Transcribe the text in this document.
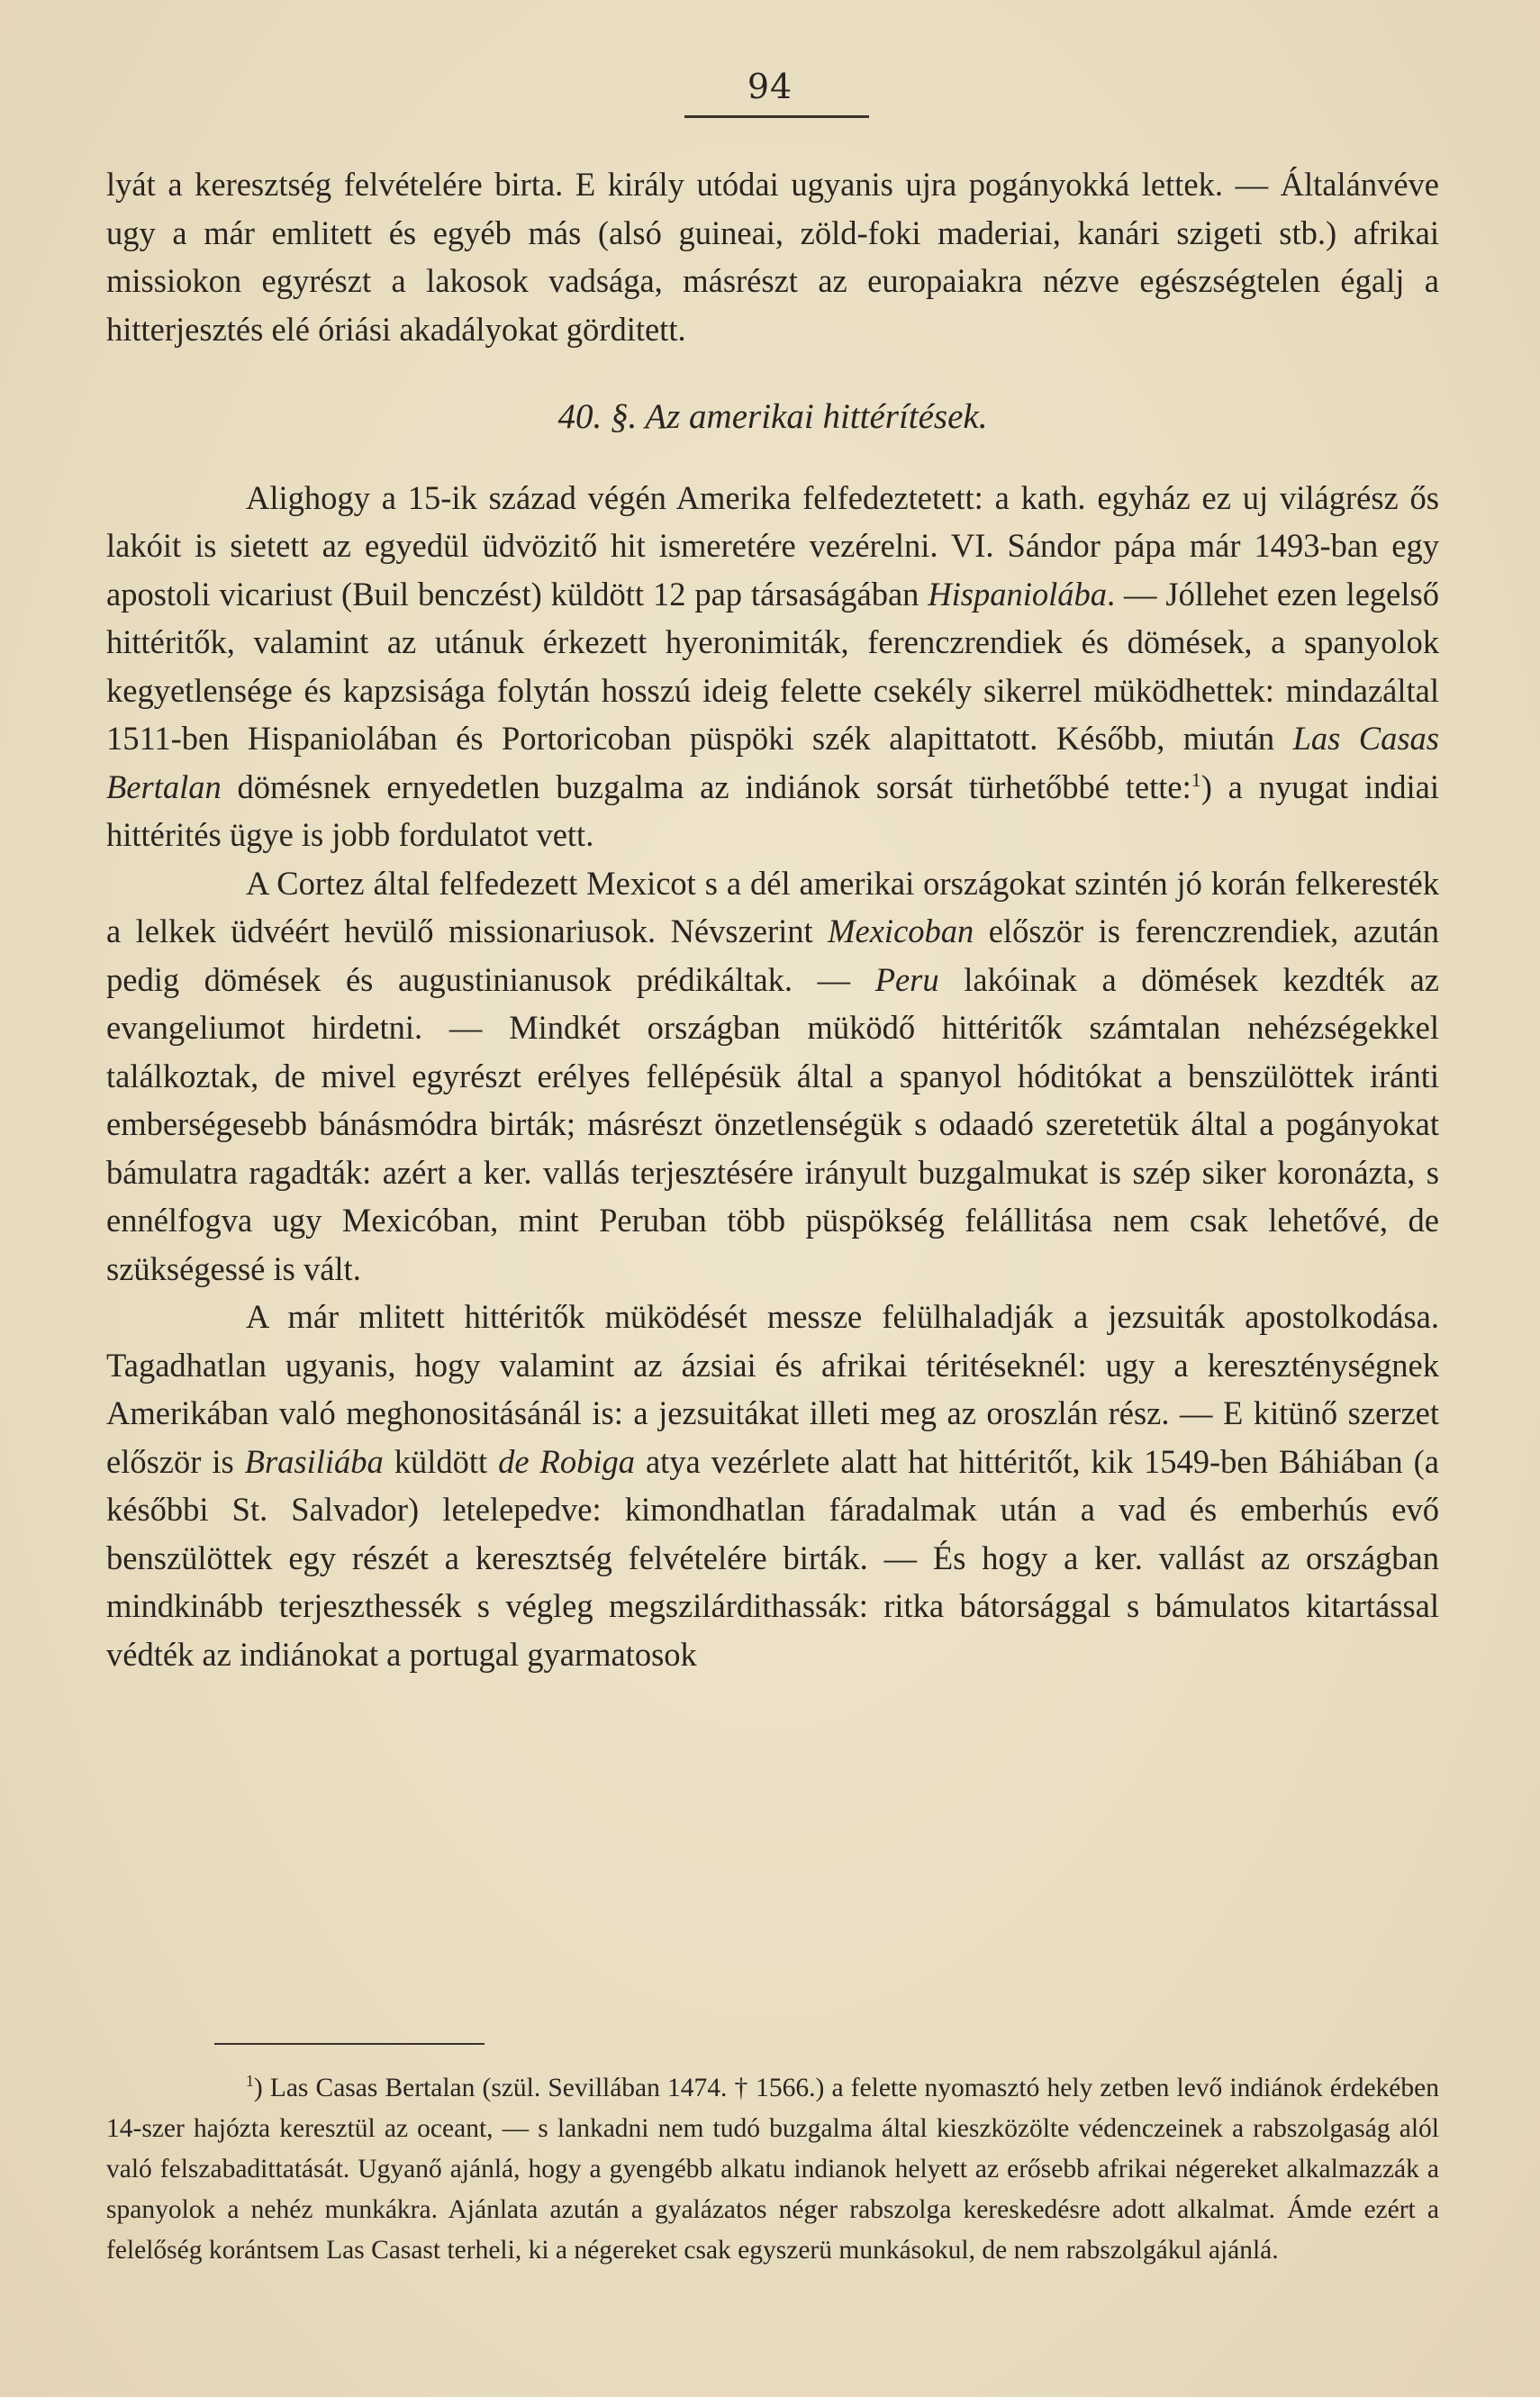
94

lyát a keresztség felvételére birta. E király utódai ugyanis ujra pogányokká lettek. — Általánvéve ugy a már emlitett és egyéb más (alsó guineai, zöld-foki maderiai, kanári szigeti stb.) afrikai missiokon egyrészt a lakosok vadsága, másrészt az europaiakra nézve egészségtelen égalj a hitterjesztés elé óriási akadályokat görditett.

40. §. Az amerikai hittérítések.

Alighogy a 15-ik század végén Amerika felfedeztetett: a kath. egyház ez uj világrész ős lakóit is sietett az egyedül üdvözitő hit ismeretére vezérelni. VI. Sándor pápa már 1493-ban egy apostoli vicariust (Buil benczést) küldött 12 pap társaságában Hispaniolába. — Jóllehet ezen legelső hittéritők, valamint az utánuk érkezett hyeronimiták, ferenczrendiek és dömések, a spanyolok kegyetlensége és kapzsisága folytán hosszú ideig felette csekély sikerrel müködhettek: mindazáltal 1511-ben Hispaniolában és Portoricoban püspöki szék alapittatott. Később, miután Las Casas Bertalan dömésnek ernyedetlen buzgalma az indiánok sorsát türhetőbbé tette:$^1$) a nyugat indiai hittérités ügye is jobb fordulatot vett.

A Cortez által felfedezett Mexicot s a dél amerikai országokat szintén jó korán felkeresték a lelkek üdvéért hevülő missionariusok. Névszerint Mexicoban először is ferenczrendiek, azután pedig dömések és augustinianusok prédikáltak. — Peru lakóinak a dömések kezdték az evangeliumot hirdetni. — Mindkét országban müködő hittéritők számtalan nehézségekkel találkoztak, de mivel egyrészt erélyes fellépésük által a spanyol hóditókat a benszülöttek iránti emberségesebb bánásmódra birták; másrészt önzetlenségük s odaadó szeretetük által a pogányokat bámulatra ragadták: azért a ker. vallás terjesztésére irányult buzgalmukat is szép siker koronázta, s ennélfogva ugy Mexicóban, mint Peruban több püspökség felállitása nem csak lehetővé, de szükségessé is vált.

A már mlitett hittéritők müködését messze felülhaladják a jezsuiták apostolkodása. Tagadhatlan ugyanis, hogy valamint az ázsiai és afrikai téritéseknél: ugy a kereszténységnek Amerikában való meghonositásánál is: a jezsuitákat illeti meg az oroszlán rész. — E kitünő szerzet először is Brasiliába küldött de Robiga atya vezérlete alatt hat hittéritőt, kik 1549-ben Báhiában (a későbbi St. Salvador) letelepedve: kimondhatlan fáradalmak után a vad és emberhús evő benszülöttek egy részét a keresztség felvételére birták. — És hogy a ker. vallást az országban mindkinább terjeszthessék s végleg megszilárdithassák: ritka bátorsággal s bámulatos kitartással védték az indiánokat a portugal gyarmatosok

$^1$) Las Casas Bertalan (szül. Sevillában 1474. † 1566.) a felette nyomasztó hely zetben levő indiánok érdekében 14-szer hajózta keresztül az oceant, — s lankadni nem tudó buzgalma által kieszközölte védenczeinek a rabszolgaság alól való felszabadittatását. Ugyanő ajánlá, hogy a gyengébb alkatu indianok helyett az erősebb afrikai négereket alkalmazzák a spanyolok a nehéz munkákra. Ajánlata azután a gyalázatos néger rabszolga kereskedésre adott alkalmat. Ámde ezért a felelőség korántsem Las Casast terheli, ki a négereket csak egyszerü munkásokul, de nem rabszolgákul ajánlá.
